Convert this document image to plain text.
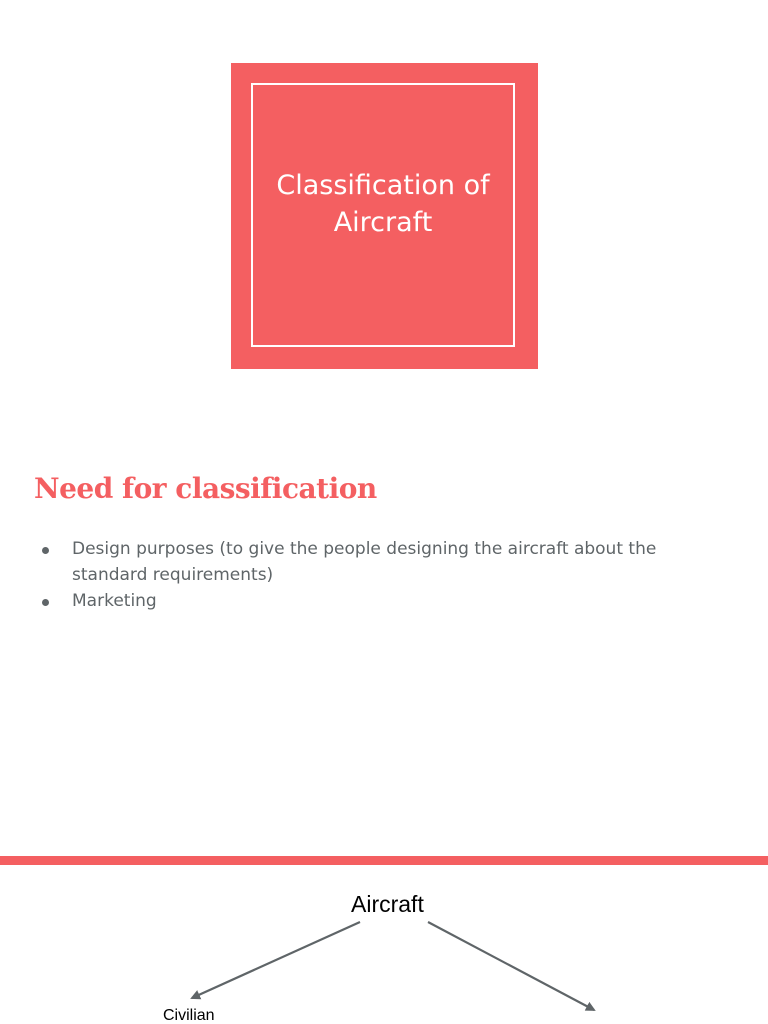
Classification of Aircraft
Need for classification
Design purposes (to give the people designing the aircraft about the standard requirements)
Marketing
Aircraft
Civilian
